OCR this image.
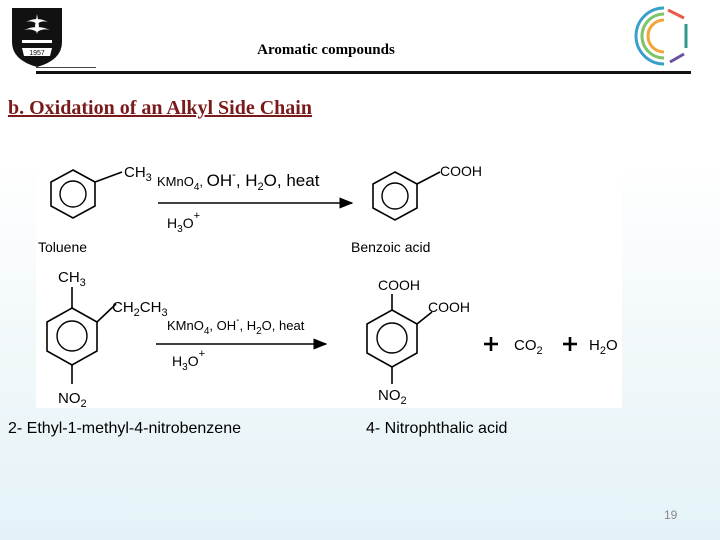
1957	Aromatic compounds
b. Oxidation of an Alkyl Side Chain
$CH_3$ KMnO$_4$, OH-, $H_2O$, heat
$H_3O^+$
COOH
Toluene	Benzoic acid
$CH_3$
$CH_2CH_3$
$NO_2$
KMnO$_4$, OH-, $H_2O$, heat
$H_3O^+$
COOH
COOH
$NO_2$
$CO_2$	$H_2O$
2- Ethyl-1-methyl-4-nitrobenzene	4- Nitrophthalic acid
19
